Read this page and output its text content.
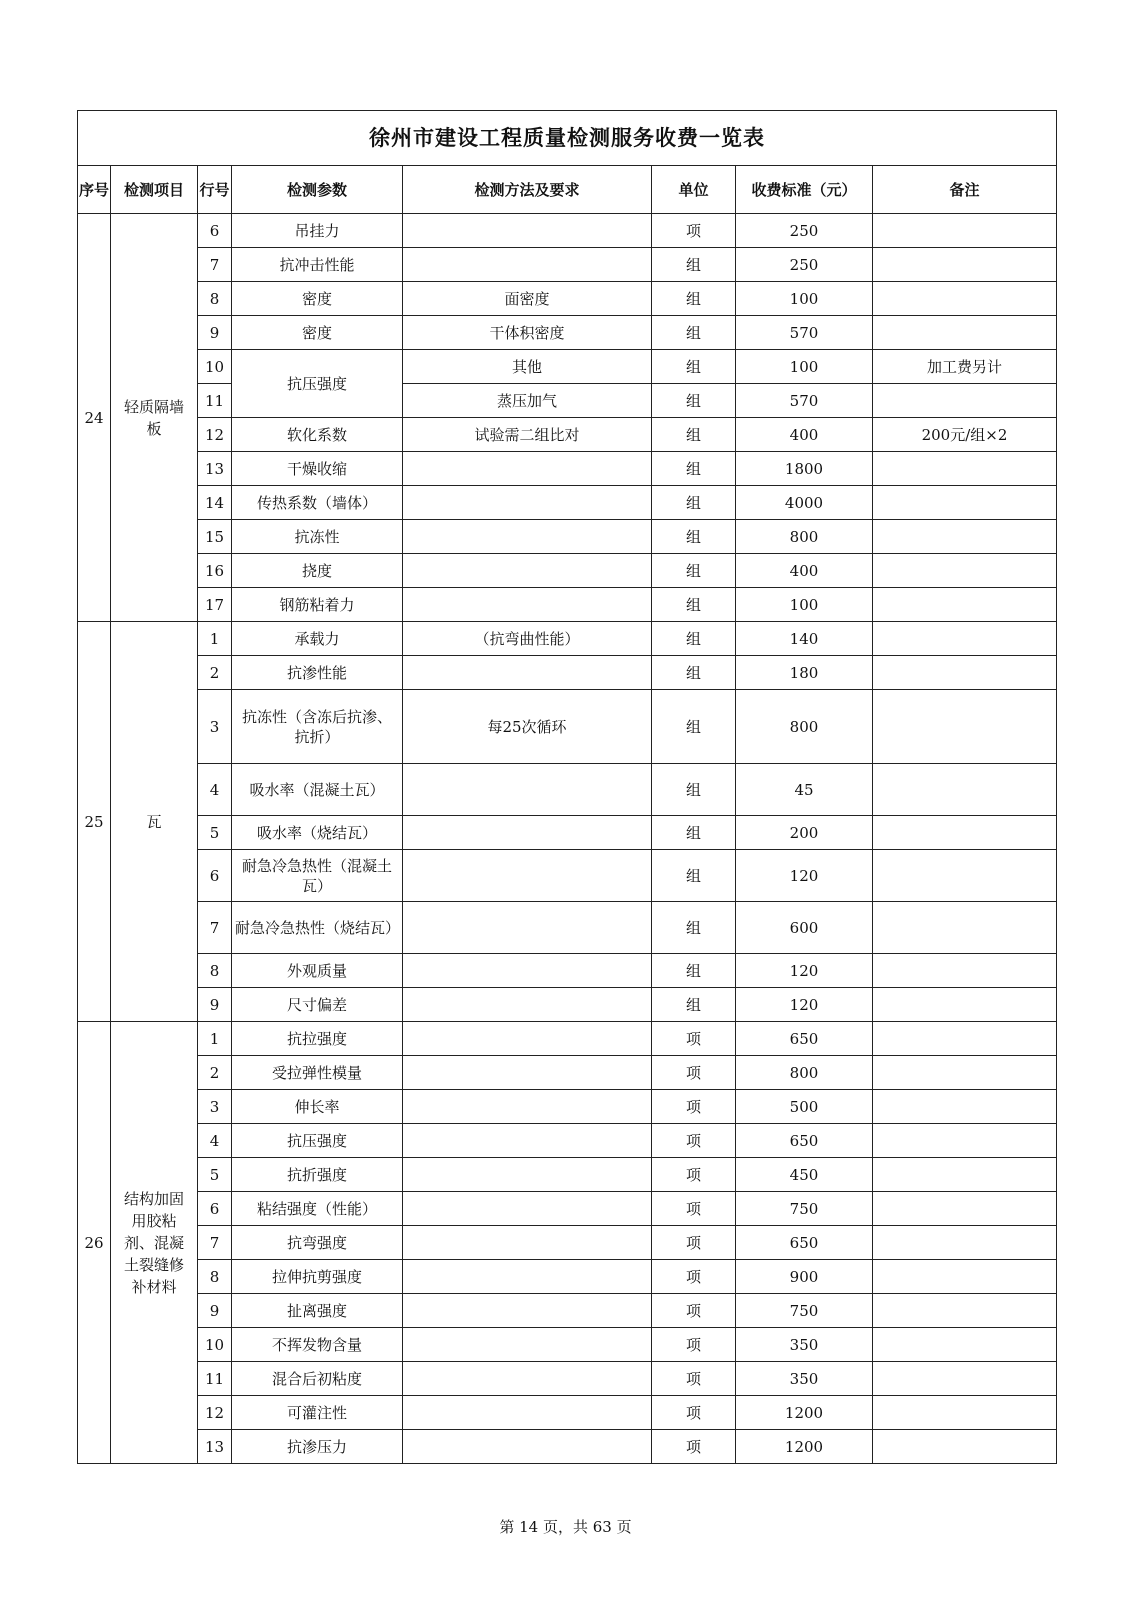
徐州市建设工程质量检测服务收费一览表							
序号	检测项目	行号	检测参数	检测方法及要求	单位	收费标准（元）	备注
24	轻质隔墙板	6	吊挂力		项	250	
		7	抗冲击性能		组	250	
		8	密度	面密度	组	100	
		9	密度	干体积密度	组	570	
		10	抗压强度	其他	组	100	加工费另计
		11		蒸压加气	组	570	
		12	软化系数	试验需二组比对	组	400	200元/组×2
		13	干燥收缩		组	1800	
		14	传热系数（墙体）		组	4000	
		15	抗冻性		组	800	
		16	挠度		组	400	
		17	钢筋粘着力		组	100	
25	瓦	1	承载力	（抗弯曲性能）	组	140	
		2	抗渗性能		组	180	
		3	抗冻性（含冻后抗渗、抗折）	每25次循环	组	800	
		4	吸水率（混凝土瓦）		组	45	
		5	吸水率（烧结瓦）		组	200	
		6	耐急冷急热性（混凝土瓦）		组	120	
		7	耐急冷急热性（烧结瓦）		组	600	
		8	外观质量		组	120	
		9	尺寸偏差		组	120	
26	结构加固用胶粘剂、混凝土裂缝修补材料	1	抗拉强度		项	650	
		2	受拉弹性模量		项	800	
		3	伸长率		项	500	
		4	抗压强度		项	650	
		5	抗折强度		项	450	
		6	粘结强度（性能）		项	750	
		7	抗弯强度		项	650	
		8	拉伸抗剪强度		项	900	
		9	扯离强度		项	750	
		10	不挥发物含量		项	350	
		11	混合后初粘度		项	350	
		12	可灌注性		项	1200	
		13	抗渗压力		项	1200	
第 14 页，共 63 页
